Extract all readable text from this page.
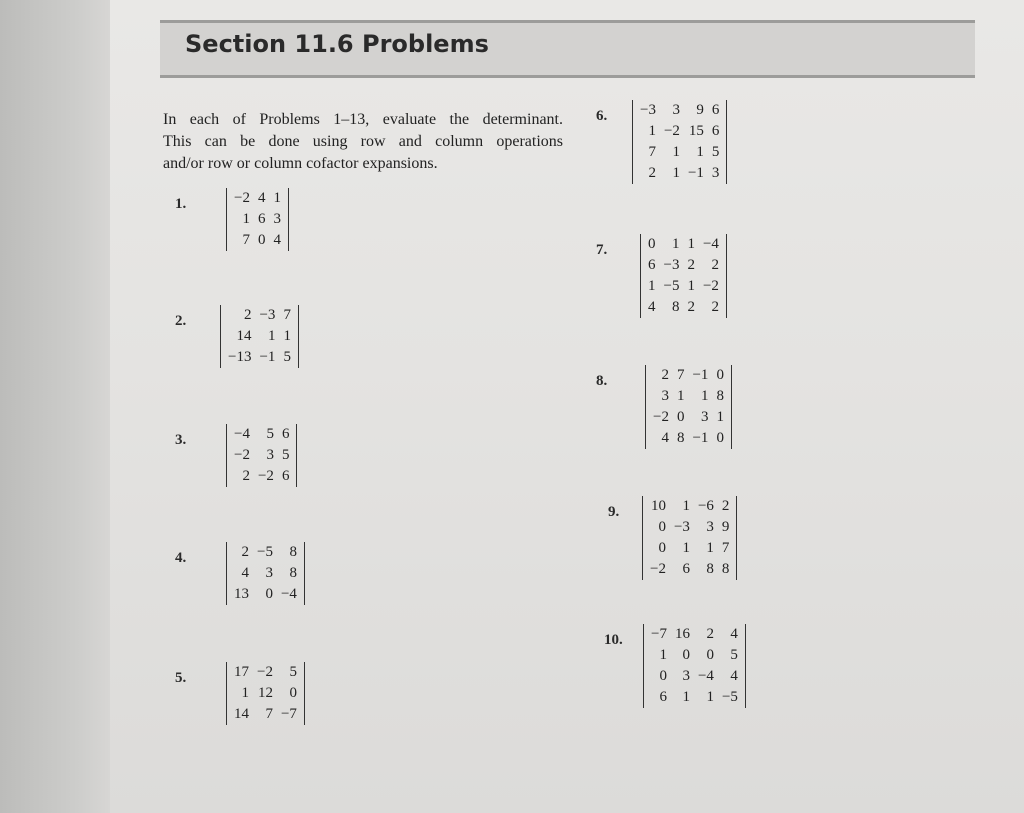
Section 11.6 Problems
In each of Problems 1–13, evaluate the determinant.
This can be done using row and column operations
and/or row or column cofactor expansions.
1.	−2	4	1
1	6	3
7	0	4
2.	2	−3	7
14	1	1
−13	−1	5
3.	−4	5	6
−2	3	5
2	−2	6
4.	2	−5	8
4	3	8
13	0	−4
5.	17	−2	5
1	12	0
14	7	−7
6. −3	3	9	6
1	−2	15	6
7	1	1	5
2	1	−1	3
7.	0	1	1	−4
6	−3	2	2
1	−5	1	−2
4	8	2	2
8.	2	7	−1	0
3	1	1	8
−2	0	3	1
4	8	−1	0
9. 10	1	−6	2
0	−3	3	9
0	1	1	7
−2	6	8	8
10. −7	16	2	4
1	0	0	5
0	3	−4	4
6	1	1	−5
